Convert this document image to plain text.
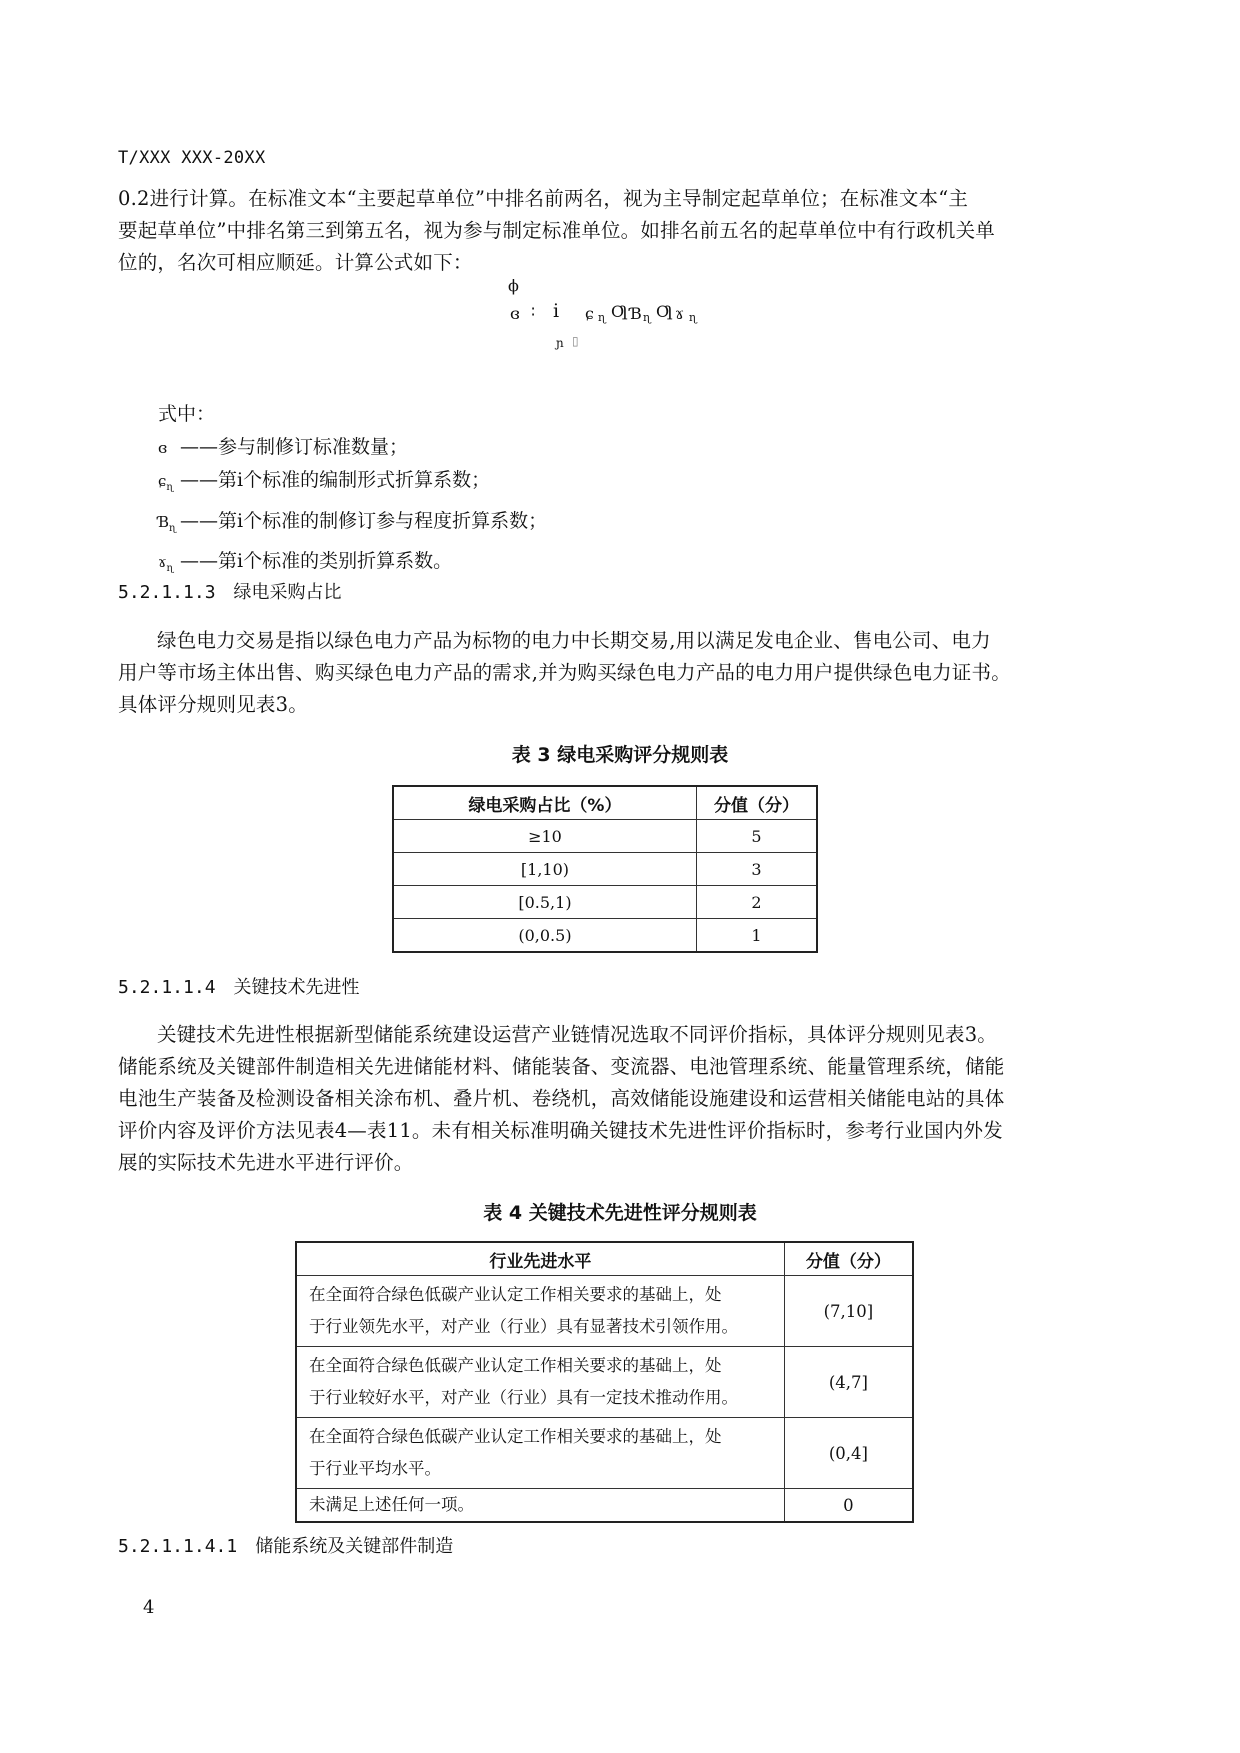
T/XXX XXX-20XX
0.2进行计算。在标准文本“主要起草单位”中排名前两名，视为主导制定起草单位；在标准文本“主
要起草单位”中排名第三到第五名，视为参与制定标准单位。如排名前五名的起草单位中有行政机关单
位的，名次可相应顺延。计算公式如下：
ϕ
ɞ ∶ i ɕ ɳ Ƣ Ɓ ɳ Ƣ ɤ ɳ
ɲ ▯
式中：
ɞ ——参与制修订标准数量；
ɕ$_ɳ$ ——第i个标准的编制形式折算系数；
$Ɓ_ɳ$ ——第i个标准的制修订参与程度折算系数；
ɤ$_ɳ$ ——第i个标准的类别折算系数。
5.2.1.1.3 绿电采购占比
绿色电力交易是指以绿色电力产品为标物的电力中长期交易,用以满足发电企业、售电公司、电力
用户等市场主体出售、购买绿色电力产品的需求,并为购买绿色电力产品的电力用户提供绿色电力证书。
具体评分规则见表3。
表 3 绿电采购评分规则表
绿电采购占比（%）	分值（分）
≥10	5
[1,10)	3
[0.5,1)	2
(0,0.5)	1
5.2.1.1.4 关键技术先进性
关键技术先进性根据新型储能系统建设运营产业链情况选取不同评价指标，具体评分规则见表3。
储能系统及关键部件制造相关先进储能材料、储能装备、变流器、电池管理系统、能量管理系统，储能
电池生产装备及检测设备相关涂布机、叠片机、卷绕机，高效储能设施建设和运营相关储能电站的具体
评价内容及评价方法见表4—表11。未有相关标准明确关键技术先进性评价指标时，参考行业国内外发
展的实际技术先进水平进行评价。
表 4 关键技术先进性评分规则表
行业先进水平	分值（分）
在全面符合绿色低碳产业认定工作相关要求的基础上，处
于行业领先水平，对产业（行业）具有显著技术引领作用。	(7,10]
在全面符合绿色低碳产业认定工作相关要求的基础上，处
于行业较好水平，对产业（行业）具有一定技术推动作用。	(4,7]
在全面符合绿色低碳产业认定工作相关要求的基础上，处
于行业平均水平。	(0,4]
未满足上述任何一项。	0
5.2.1.1.4.1 储能系统及关键部件制造
4
